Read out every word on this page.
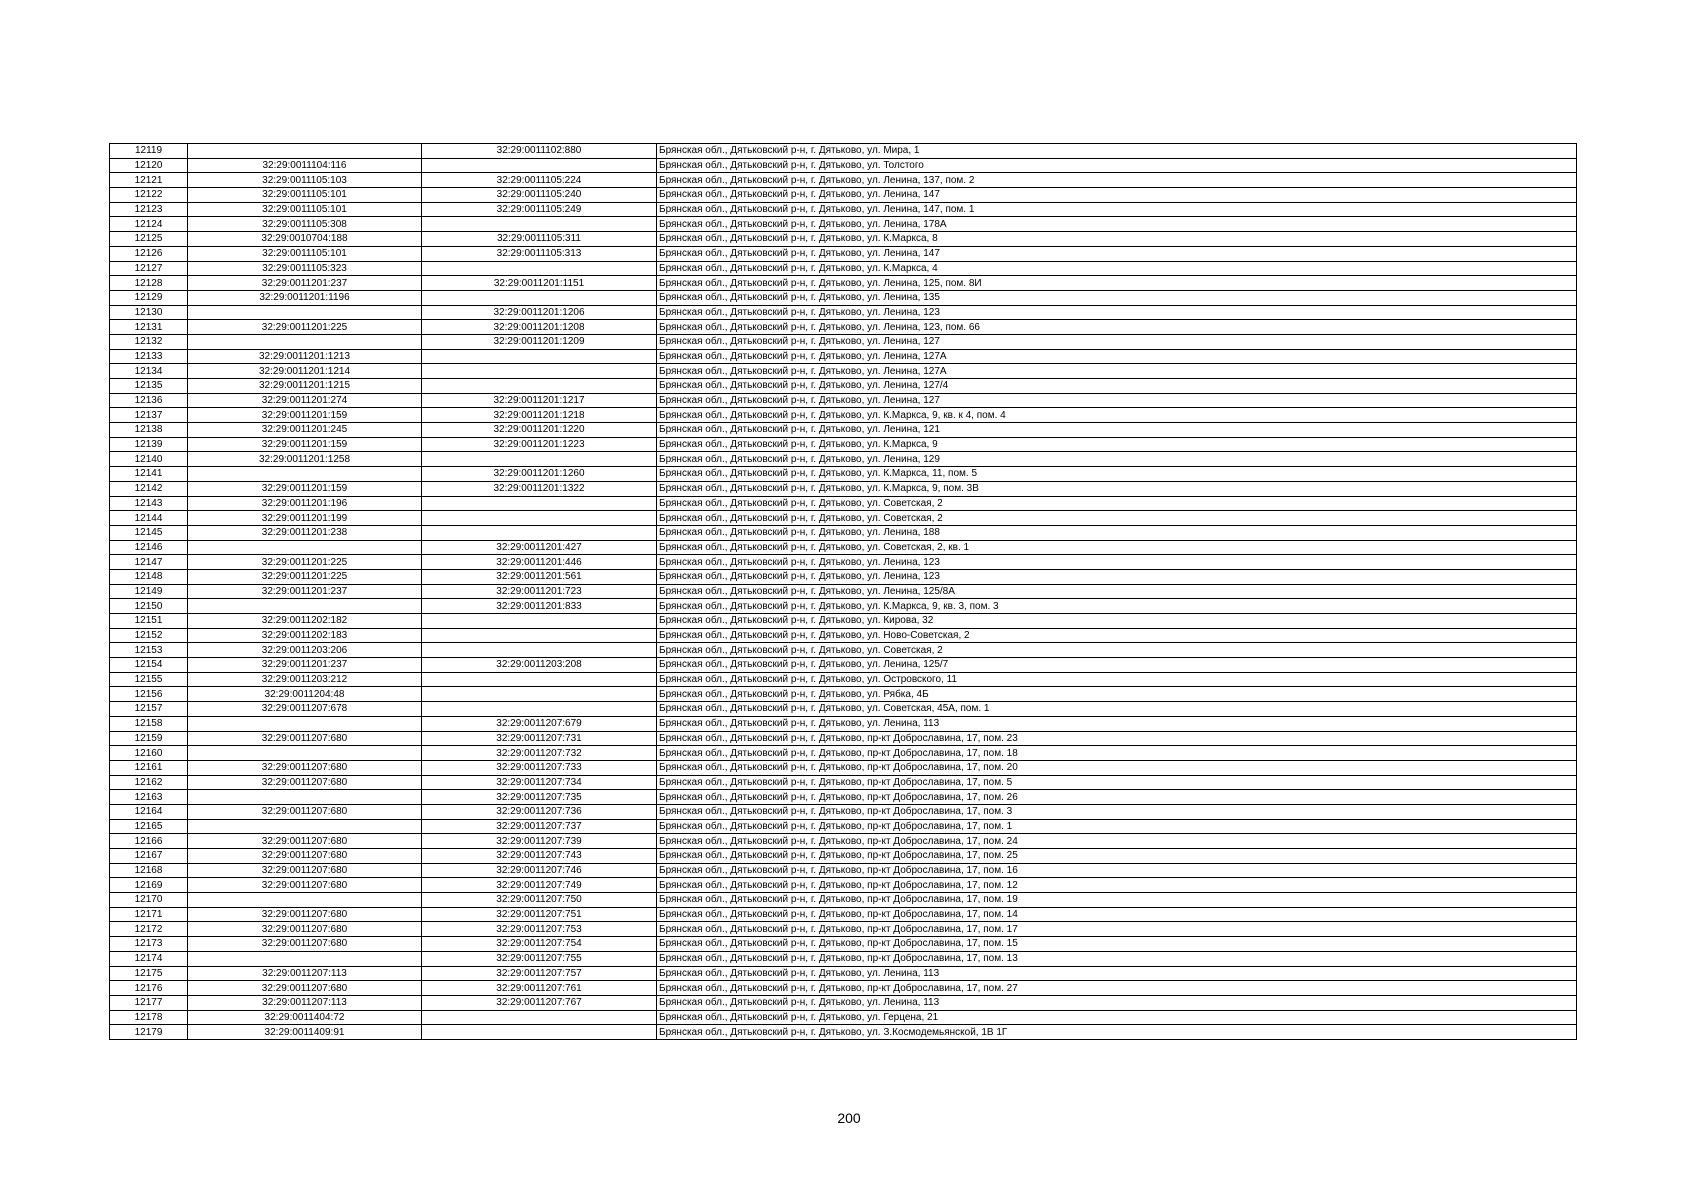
12119		32:29:0011102:880	Брянская обл., Дятьковский р-н, г. Дятьково, ул. Мира, 1
12120	32:29:0011104:116		Брянская обл., Дятьковский р-н, г. Дятьково, ул. Толстого
12121	32:29:0011105:103	32:29:0011105:224	Брянская обл., Дятьковский р-н, г. Дятьково, ул. Ленина, 137, пом. 2
12122	32:29:0011105:101	32:29:0011105:240	Брянская обл., Дятьковский р-н, г. Дятьково, ул. Ленина, 147
12123	32:29:0011105:101	32:29:0011105:249	Брянская обл., Дятьковский р-н, г. Дятьково, ул. Ленина, 147, пом. 1
12124	32:29:0011105:308		Брянская обл., Дятьковский р-н, г. Дятьково, ул. Ленина, 178А
12125	32:29:0010704:188	32:29:0011105:311	Брянская обл., Дятьковский р-н, г. Дятьково, ул. К.Маркса, 8
12126	32:29:0011105:101	32:29:0011105:313	Брянская обл., Дятьковский р-н, г. Дятьково, ул. Ленина, 147
12127	32:29:0011105:323		Брянская обл., Дятьковский р-н, г. Дятьково, ул. К.Маркса, 4
12128	32:29:0011201:237	32:29:0011201:1151	Брянская обл., Дятьковский р-н, г. Дятьково, ул. Ленина, 125, пом. 8И
12129	32:29:0011201:1196		Брянская обл., Дятьковский р-н, г. Дятьково, ул. Ленина, 135
12130		32:29:0011201:1206	Брянская обл., Дятьковский р-н, г. Дятьково, ул. Ленина, 123
12131	32:29:0011201:225	32:29:0011201:1208	Брянская обл., Дятьковский р-н, г. Дятьково, ул. Ленина, 123, пом. 66
12132		32:29:0011201:1209	Брянская обл., Дятьковский р-н, г. Дятьково, ул. Ленина, 127
12133	32:29:0011201:1213		Брянская обл., Дятьковский р-н, г. Дятьково, ул. Ленина, 127А
12134	32:29:0011201:1214		Брянская обл., Дятьковский р-н, г. Дятьково, ул. Ленина, 127А
12135	32:29:0011201:1215		Брянская обл., Дятьковский р-н, г. Дятьково, ул. Ленина, 127/4
12136	32:29:0011201:274	32:29:0011201:1217	Брянская обл., Дятьковский р-н, г. Дятьково, ул. Ленина, 127
12137	32:29:0011201:159	32:29:0011201:1218	Брянская обл., Дятьковский р-н, г. Дятьково, ул. К.Маркса, 9, кв. к 4, пом. 4
12138	32:29:0011201:245	32:29:0011201:1220	Брянская обл., Дятьковский р-н, г. Дятьково, ул. Ленина, 121
12139	32:29:0011201:159	32:29:0011201:1223	Брянская обл., Дятьковский р-н, г. Дятьково, ул. К.Маркса, 9
12140	32:29:0011201:1258		Брянская обл., Дятьковский р-н, г. Дятьково, ул. Ленина, 129
12141		32:29:0011201:1260	Брянская обл., Дятьковский р-н, г. Дятьково, ул. К.Маркса, 11, пом. 5
12142	32:29:0011201:159	32:29:0011201:1322	Брянская обл., Дятьковский р-н, г. Дятьково, ул. К.Маркса, 9, пом. 3В
12143	32:29:0011201:196		Брянская обл., Дятьковский р-н, г. Дятьково, ул. Советская, 2
12144	32:29:0011201:199		Брянская обл., Дятьковский р-н, г. Дятьково, ул. Советская, 2
12145	32:29:0011201:238		Брянская обл., Дятьковский р-н, г. Дятьково, ул. Ленина, 188
12146		32:29:0011201:427	Брянская обл., Дятьковский р-н, г. Дятьково, ул. Советская, 2, кв. 1
12147	32:29:0011201:225	32:29:0011201:446	Брянская обл., Дятьковский р-н, г. Дятьково, ул. Ленина, 123
12148	32:29:0011201:225	32:29:0011201:561	Брянская обл., Дятьковский р-н, г. Дятьково, ул. Ленина, 123
12149	32:29:0011201:237	32:29:0011201:723	Брянская обл., Дятьковский р-н, г. Дятьково, ул. Ленина, 125/8А
12150		32:29:0011201:833	Брянская обл., Дятьковский р-н, г. Дятьково, ул. К.Маркса, 9, кв. 3, пом. 3
12151	32:29:0011202:182		Брянская обл., Дятьковский р-н, г. Дятьково, ул. Кирова, 32
12152	32:29:0011202:183		Брянская обл., Дятьковский р-н, г. Дятьково, ул. Ново-Советская, 2
12153	32:29:0011203:206		Брянская обл., Дятьковский р-н, г. Дятьково, ул. Советская, 2
12154	32:29:0011201:237	32:29:0011203:208	Брянская обл., Дятьковский р-н, г. Дятьково, ул. Ленина, 125/7
12155	32:29:0011203:212		Брянская обл., Дятьковский р-н, г. Дятьково, ул. Островского, 11
12156	32:29:0011204:48		Брянская обл., Дятьковский р-н, г. Дятьково, ул. Рябка, 4Б
12157	32:29:0011207:678		Брянская обл., Дятьковский р-н, г. Дятьково, ул. Советская, 45А, пом. 1
12158		32:29:0011207:679	Брянская обл., Дятьковский р-н, г. Дятьково, ул. Ленина, 113
12159	32:29:0011207:680	32:29:0011207:731	Брянская обл., Дятьковский р-н, г. Дятьково, пр-кт Доброславина, 17, пом. 23
12160		32:29:0011207:732	Брянская обл., Дятьковский р-н, г. Дятьково, пр-кт Доброславина, 17, пом. 18
12161	32:29:0011207:680	32:29:0011207:733	Брянская обл., Дятьковский р-н, г. Дятьково, пр-кт Доброславина, 17, пом. 20
12162	32:29:0011207:680	32:29:0011207:734	Брянская обл., Дятьковский р-н, г. Дятьково, пр-кт Доброславина, 17, пом. 5
12163		32:29:0011207:735	Брянская обл., Дятьковский р-н, г. Дятьково, пр-кт Доброславина, 17, пом. 26
12164	32:29:0011207:680	32:29:0011207:736	Брянская обл., Дятьковский р-н, г. Дятьково, пр-кт Доброславина, 17, пом. 3
12165		32:29:0011207:737	Брянская обл., Дятьковский р-н, г. Дятьково, пр-кт Доброславина, 17, пом. 1
12166	32:29:0011207:680	32:29:0011207:739	Брянская обл., Дятьковский р-н, г. Дятьково, пр-кт Доброславина, 17, пом. 24
12167	32:29:0011207:680	32:29:0011207:743	Брянская обл., Дятьковский р-н, г. Дятьково, пр-кт Доброславина, 17, пом. 25
12168	32:29:0011207:680	32:29:0011207:746	Брянская обл., Дятьковский р-н, г. Дятьково, пр-кт Доброславина, 17, пом. 16
12169	32:29:0011207:680	32:29:0011207:749	Брянская обл., Дятьковский р-н, г. Дятьково, пр-кт Доброславина, 17, пом. 12
12170		32:29:0011207:750	Брянская обл., Дятьковский р-н, г. Дятьково, пр-кт Доброславина, 17, пом. 19
12171	32:29:0011207:680	32:29:0011207:751	Брянская обл., Дятьковский р-н, г. Дятьково, пр-кт Доброславина, 17, пом. 14
12172	32:29:0011207:680	32:29:0011207:753	Брянская обл., Дятьковский р-н, г. Дятьково, пр-кт Доброславина, 17, пом. 17
12173	32:29:0011207:680	32:29:0011207:754	Брянская обл., Дятьковский р-н, г. Дятьково, пр-кт Доброславина, 17, пом. 15
12174		32:29:0011207:755	Брянская обл., Дятьковский р-н, г. Дятьково, пр-кт Доброславина, 17, пом. 13
12175	32:29:0011207:113	32:29:0011207:757	Брянская обл., Дятьковский р-н, г. Дятьково, ул. Ленина, 113
12176	32:29:0011207:680	32:29:0011207:761	Брянская обл., Дятьковский р-н, г. Дятьково, пр-кт Доброславина, 17, пом. 27
12177	32:29:0011207:113	32:29:0011207:767	Брянская обл., Дятьковский р-н, г. Дятьково, ул. Ленина, 113
12178	32:29:0011404:72		Брянская обл., Дятьковский р-н, г. Дятьково, ул. Герцена, 21
12179	32:29:0011409:91		Брянская обл., Дятьковский р-н, г. Дятьково, ул. З.Космодемьянской, 1В 1Г
200
